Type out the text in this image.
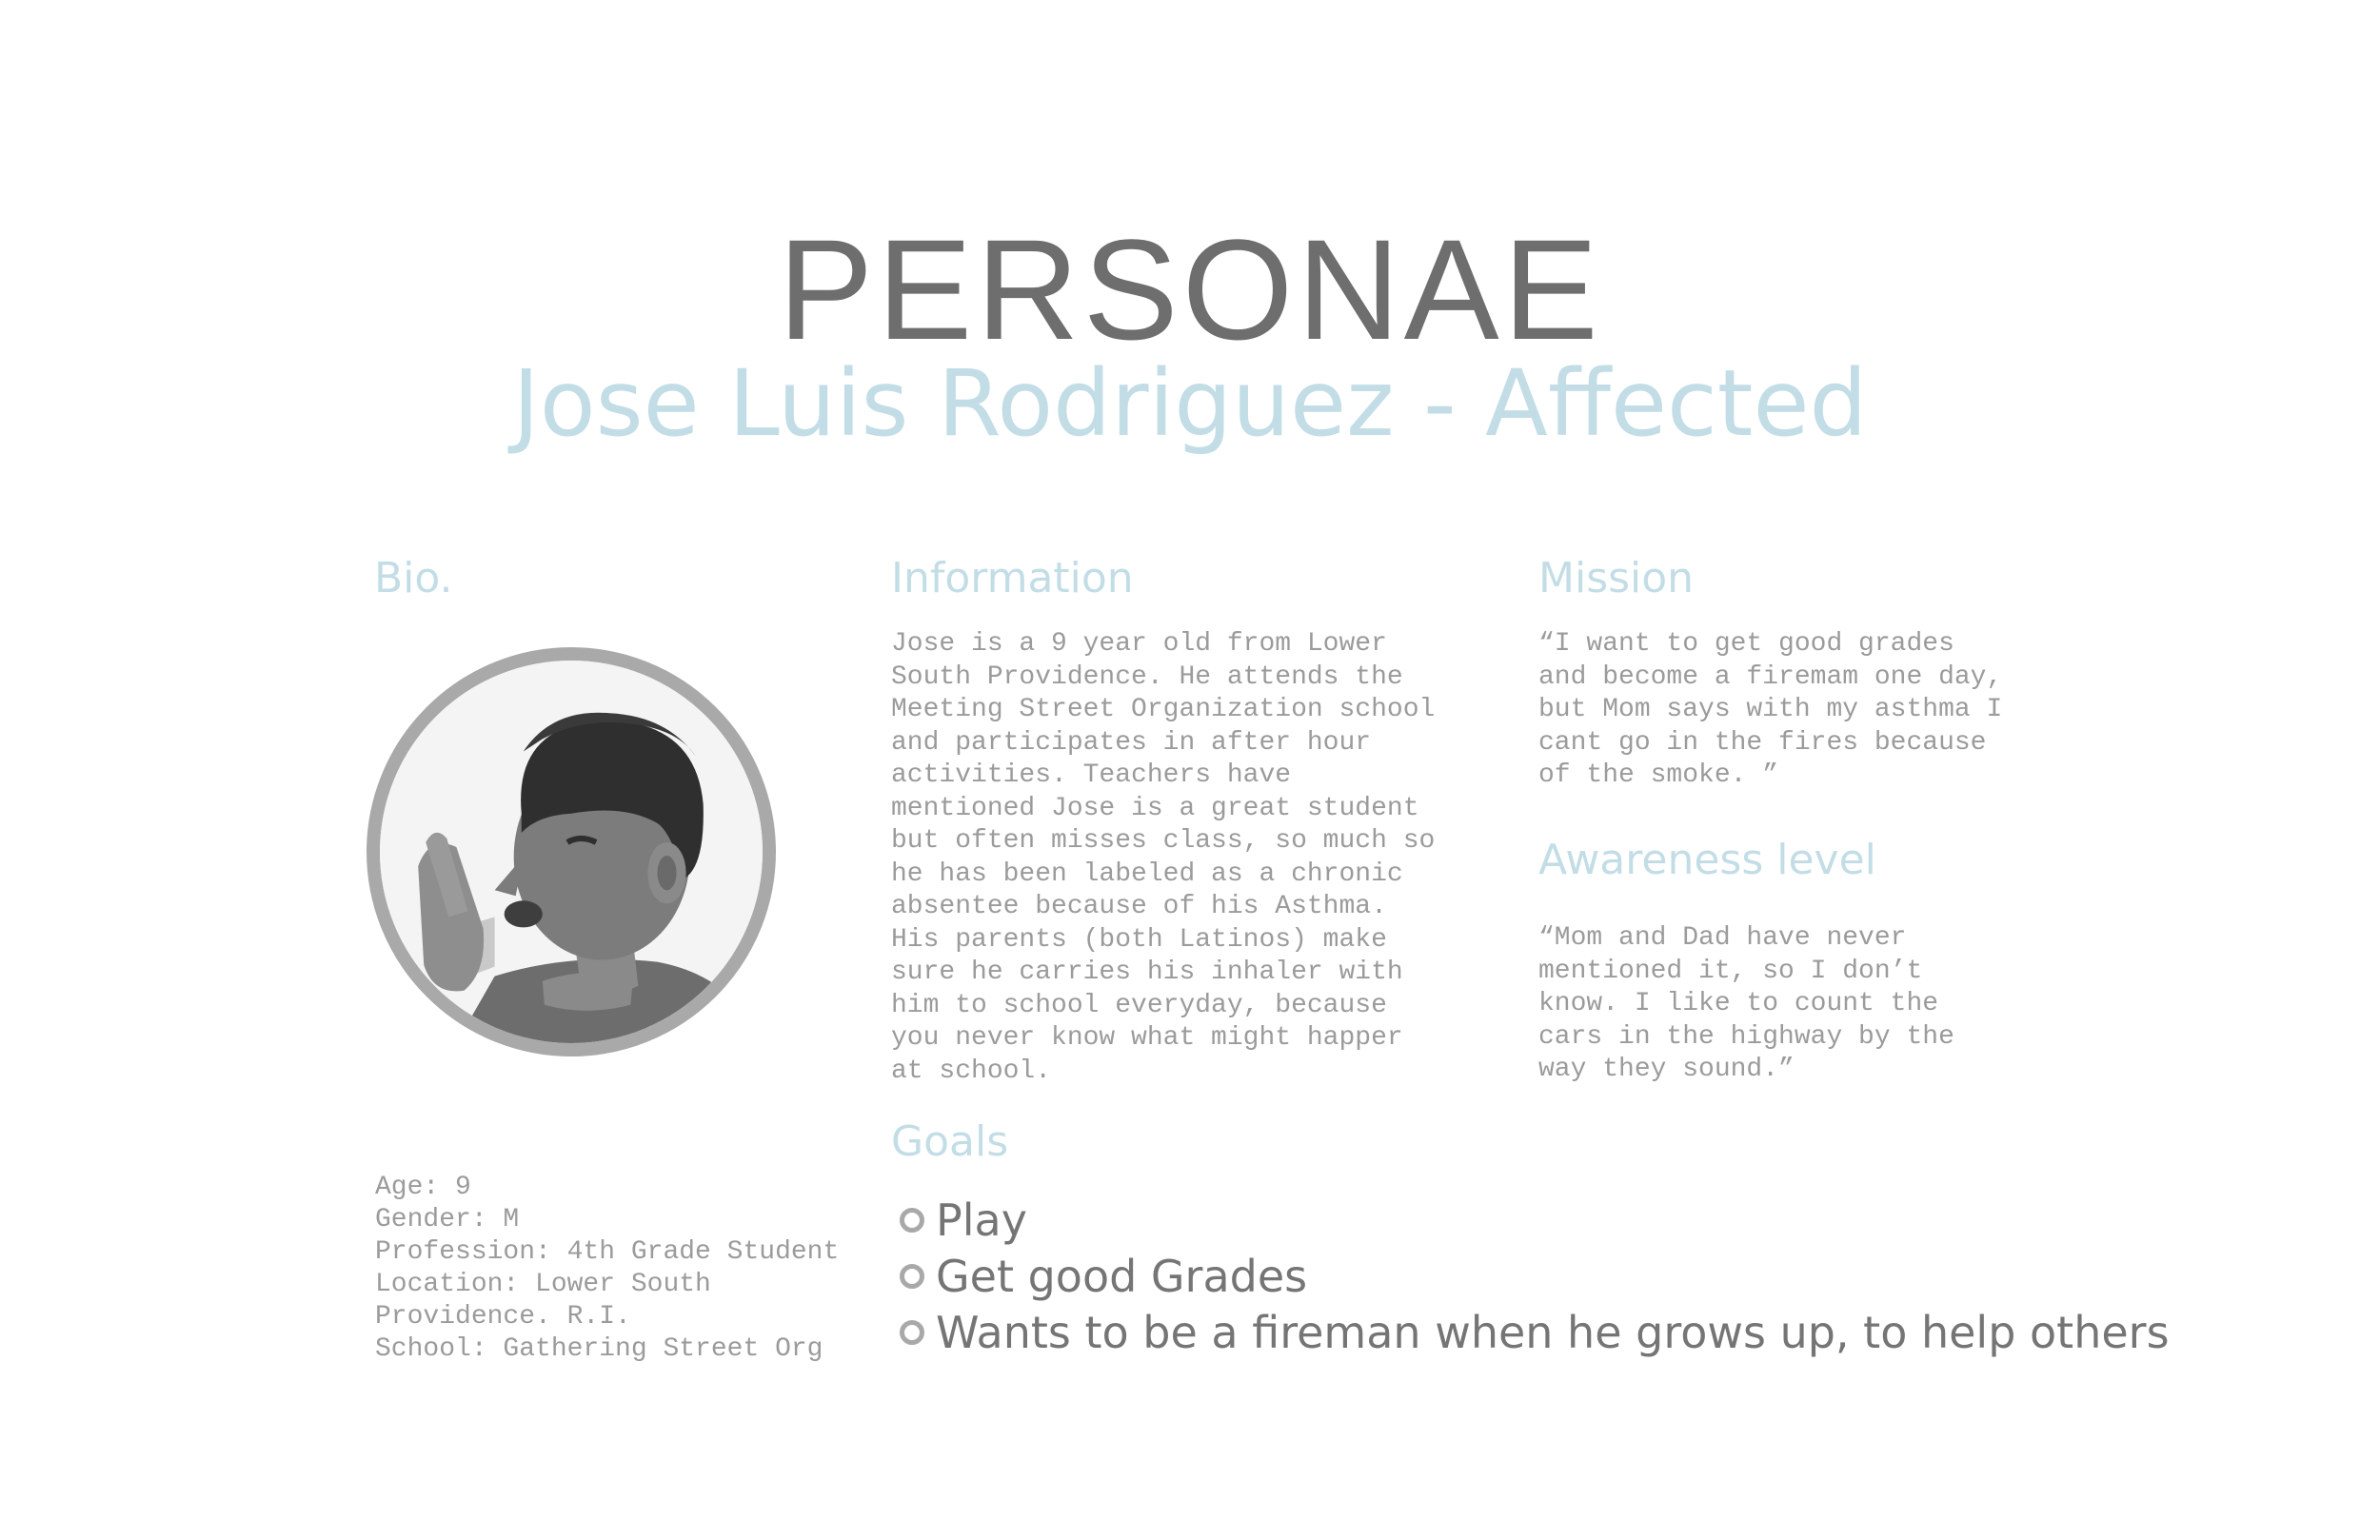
PERSONAE
Jose Luis Rodriguez - Affected
Bio.
Age: 9
Gender: M
Profession: 4th Grade Student
Location: Lower South
Providence. R.I.
School: Gathering Street Org
Information
Jose is a 9 year old from Lower
South Providence. He attends the
Meeting Street Organization school
and participates in after hour
activities. Teachers have
mentioned Jose is a great student
but often misses class, so much so
he has been labeled as a chronic
absentee because of his Asthma.
His parents (both Latinos) make
sure he carries his inhaler with
him to school everyday, because
you never know what might happer
at school.
Goals
Play
Get good Grades
Wants to be a fireman when he grows up, to help others
Mission
“I want to get good grades
and become a firemam one day,
but Mom says with my asthma I
cant go in the fires because
of the smoke. ”
Awareness level
“Mom and Dad have never
mentioned it, so I don’t
know. I like to count the
cars in the highway by the
way they sound.”
